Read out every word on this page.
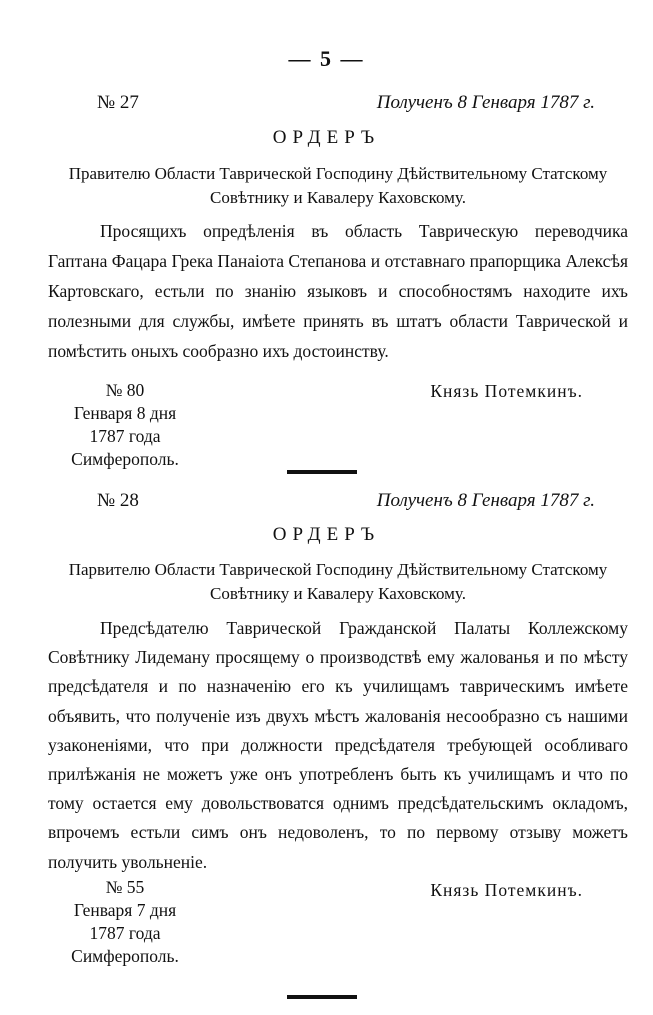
— 5 —
№ 27	Полученъ 8 Генваря 1787 г.
ОРДЕРЪ
Правителю Области Таврической Господину Дѣйствительному Статскому Совѣтнику и Кавалеру Каховскому.
Просящихъ опредѣленія въ область Таврическую переводчика Гаптана Фацара Грека Панаіота Степанова и отставнаго прапорщика Алексѣя Картовскаго, естьли по знанію языковъ и способностямъ находите ихъ полезными для службы, имѣете принять въ штатъ области Таврической и помѣстить оныхъ сообразно ихъ достоинству.
№ 80
Генваря 8 дня
1787 года
Симферополь.
Князь Потемкинъ.
№ 28	Полученъ 8 Генваря 1787 г.
ОРДЕРЪ
Парвителю Области Таврической Господину Дѣйствительному Статскому Совѣтнику и Кавалеру Каховскому.
Предсѣдателю Таврической Гражданской Палаты Коллежскому Совѣтнику Лидеману просящему о производствѣ ему жалованья и по мѣсту предсѣдателя и по назначенію его къ училищамъ таврическимъ имѣете объявить, что полученіе изъ двухъ мѣстъ жалованія несообразно съ нашими узаконеніями, что при должности предсѣдателя требующей особливаго прилѣжанія не можетъ уже онъ употребленъ быть къ училищамъ и что по тому остается ему довольствоватся однимъ предсѣдательскимъ окладомъ, впрочемъ естьли симъ онъ недоволенъ, то по первому отзыву можетъ получить увольненіе.
№ 55
Генваря 7 дня
1787 года
Симферополь.
Князь Потемкинъ.
